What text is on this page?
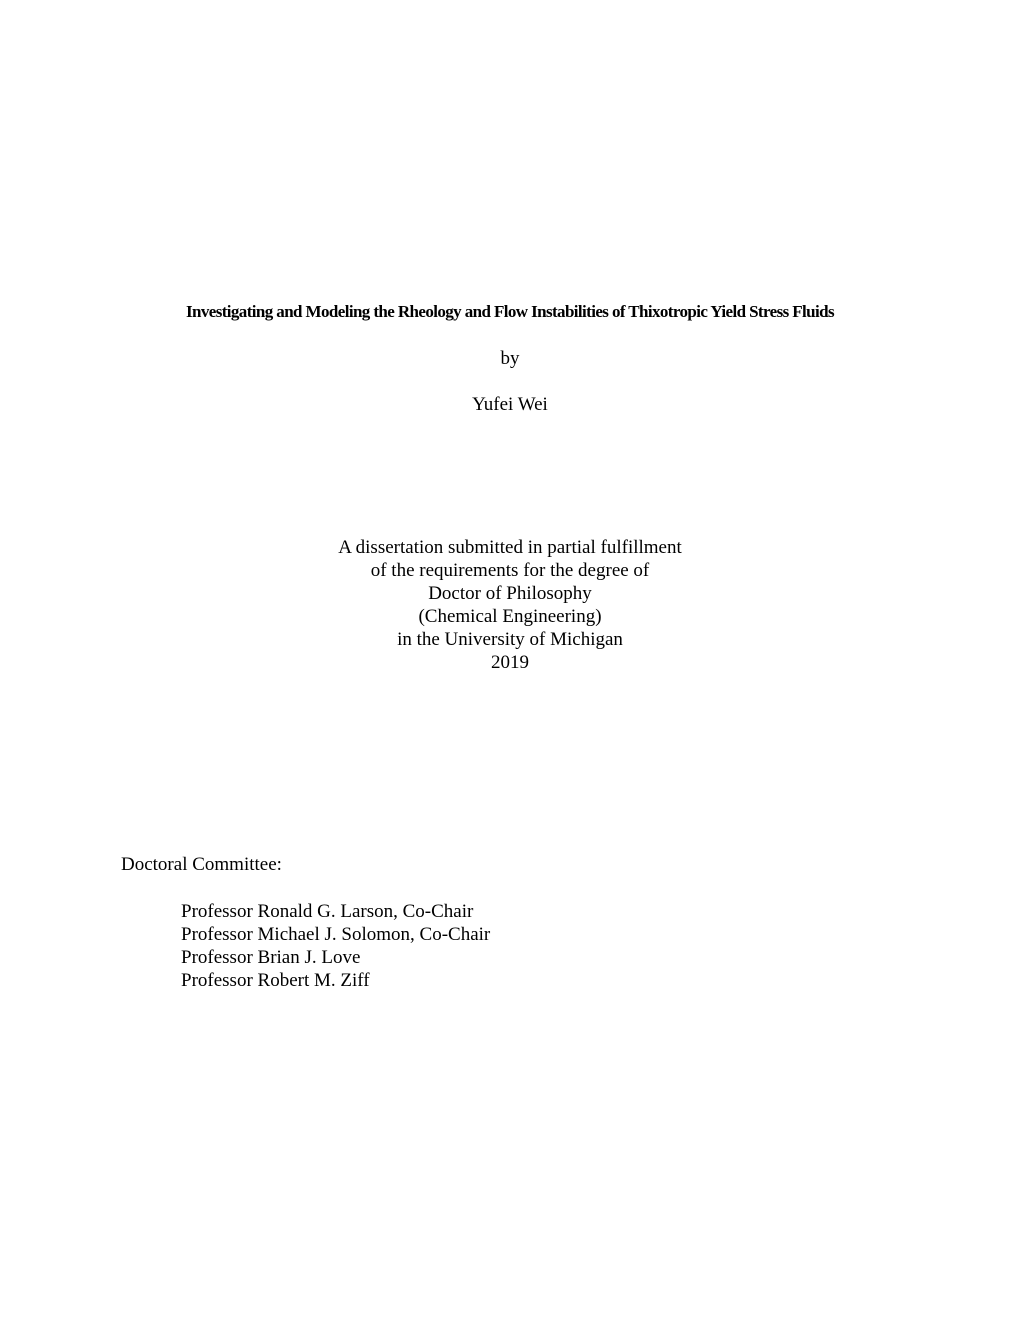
Investigating and Modeling the Rheology and Flow Instabilities of Thixotropic Yield Stress Fluids
by
Yufei Wei
A dissertation submitted in partial fulfillment
of the requirements for the degree of
Doctor of Philosophy
(Chemical Engineering)
in the University of Michigan
2019
Doctoral Committee:
Professor Ronald G. Larson, Co-Chair
Professor Michael J. Solomon, Co-Chair
Professor Brian J. Love
Professor Robert M. Ziff
